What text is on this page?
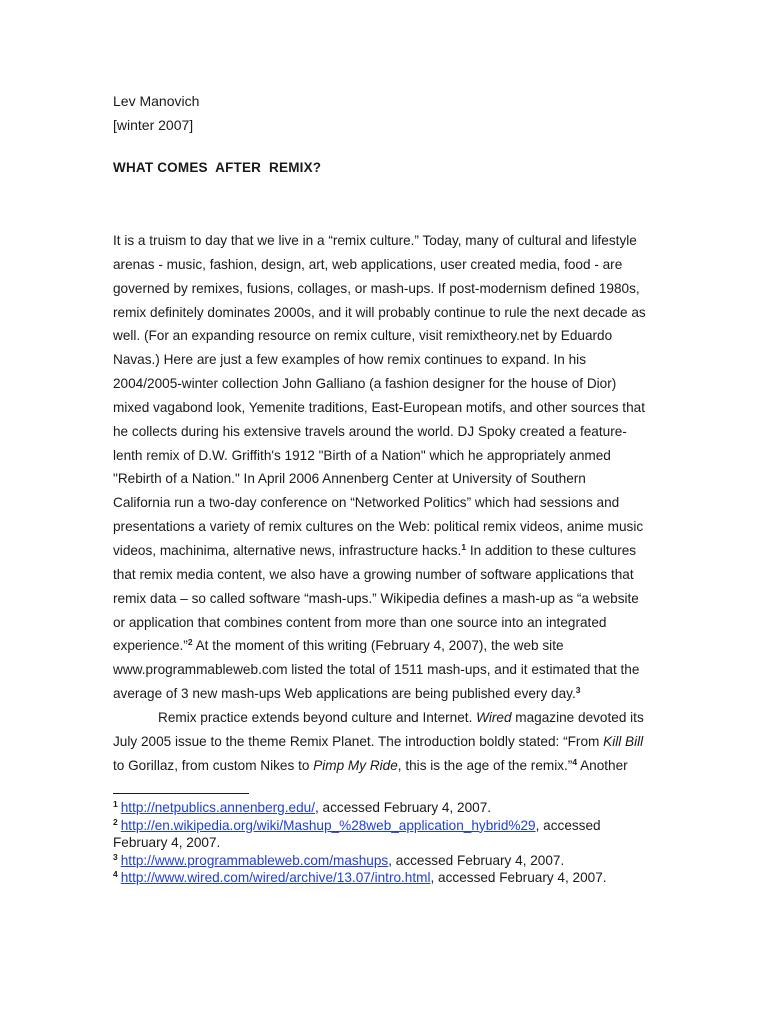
Lev Manovich
[winter 2007]
WHAT COMES  AFTER  REMIX?
It is a truism to day that we live in a “remix culture.” Today, many of cultural and lifestyle
arenas - music, fashion, design, art, web applications, user created media, food - are
governed by remixes, fusions, collages, or mash-ups. If post-modernism defined 1980s,
remix definitely dominates 2000s, and it will probably continue to rule the next decade as
well. (For an expanding resource on remix culture, visit remixtheory.net by Eduardo
Navas.) Here are just a few examples of how remix continues to expand. In his
2004/2005-winter collection John Galliano (a fashion designer for the house of Dior)
mixed vagabond look, Yemenite traditions, East-European motifs, and other sources that
he collects during his extensive travels around the world. DJ Spoky created a feature-
lenth remix of D.W. Griffith's 1912 "Birth of a Nation" which he appropriately anmed
"Rebirth of a Nation." In April 2006 Annenberg Center at University of Southern
California run a two-day conference on “Networked Politics” which had sessions and
presentations a variety of remix cultures on the Web: political remix videos, anime music
videos, machinima, alternative news, infrastructure hacks.$^1$ In addition to these cultures
that remix media content, we also have a growing number of software applications that
remix data – so called software “mash-ups.” Wikipedia defines a mash-up as “a website
or application that combines content from more than one source into an integrated
experience.”$^2$ At the moment of this writing (February 4, 2007), the web site
www.programmableweb.com listed the total of 1511 mash-ups, and it estimated that the
average of 3 new mash-ups Web applications are being published every day.$^3$
Remix practice extends beyond culture and Internet. Wired magazine devoted its
July 2005 issue to the theme Remix Planet. The introduction boldly stated: “From Kill Bill
to Gorillaz, from custom Nikes to Pimp My Ride, this is the age of the remix.”$^4$ Another
$^1$ http://netpublics.annenberg.edu/, accessed February 4, 2007.
$^2$ http://en.wikipedia.org/wiki/Mashup_%28web_application_hybrid%29, accessed February 4, 2007.
$^3$ http://www.programmableweb.com/mashups, accessed February 4, 2007.
$^4$ http://www.wired.com/wired/archive/13.07/intro.html, accessed February 4, 2007.
